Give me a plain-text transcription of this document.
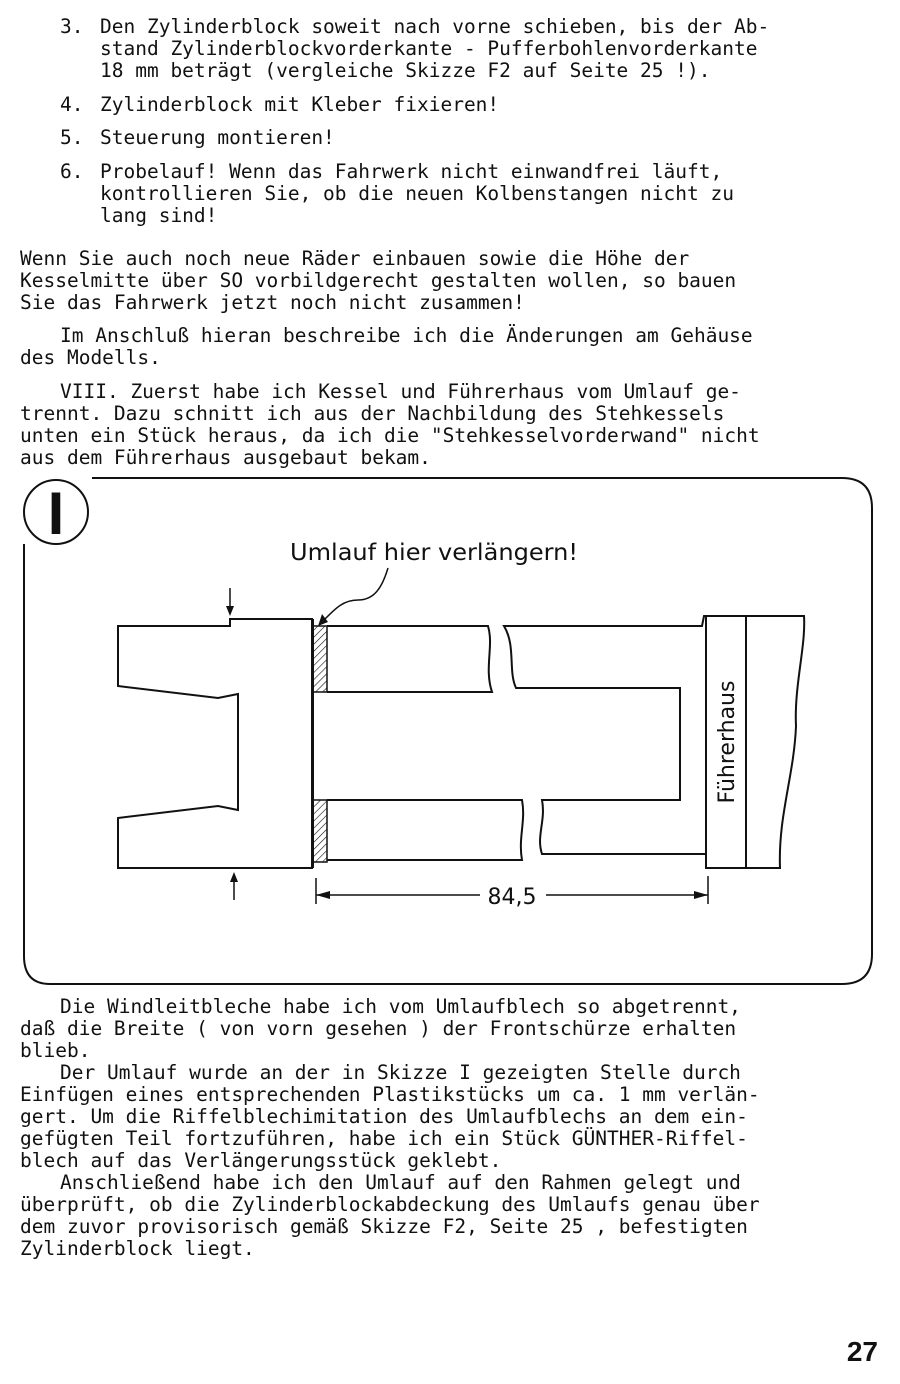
3. Den Zylinderblock soweit nach vorne schieben, bis der Ab-
stand Zylinderblockvorderkante - Pufferbohlenvorderkante
18 mm beträgt (vergleiche Skizze F2 auf Seite 25 !).
4. Zylinderblock mit Kleber fixieren!
5. Steuerung montieren!
6. Probelauf! Wenn das Fahrwerk nicht einwandfrei läuft,
kontrollieren Sie, ob die neuen Kolbenstangen nicht zu
lang sind!
Wenn Sie auch noch neue Räder einbauen sowie die Höhe der
Kesselmitte über SO vorbildgerecht gestalten wollen, so bauen
Sie das Fahrwerk jetzt noch nicht zusammen!
Im Anschluß hieran beschreibe ich die Änderungen am Gehäuse
des Modells.
VIII. Zuerst habe ich Kessel und Führerhaus vom Umlauf ge-
trennt. Dazu schnitt ich aus der Nachbildung des Stehkessels
unten ein Stück heraus, da ich die "Stehkesselvorderwand" nicht
aus dem Führerhaus ausgebaut bekam.
I
Umlauf hier verlängern!
Führerhaus
84,5
Die Windleitbleche habe ich vom Umlaufblech so abgetrennt,
daß die Breite ( von vorn gesehen ) der Frontschürze erhalten
blieb.
Der Umlauf wurde an der in Skizze I gezeigten Stelle durch
Einfügen eines entsprechenden Plastikstücks um ca. 1 mm verlän-
gert. Um die Riffelblechimitation des Umlaufblechs an dem ein-
gefügten Teil fortzuführen, habe ich ein Stück GÜNTHER-Riffel-
blech auf das Verlängerungsstück geklebt.
Anschließend habe ich den Umlauf auf den Rahmen gelegt und
überprüft, ob die Zylinderblockabdeckung des Umlaufs genau über
dem zuvor provisorisch gemäß Skizze F2, Seite 25 , befestigten
Zylinderblock liegt.
27
